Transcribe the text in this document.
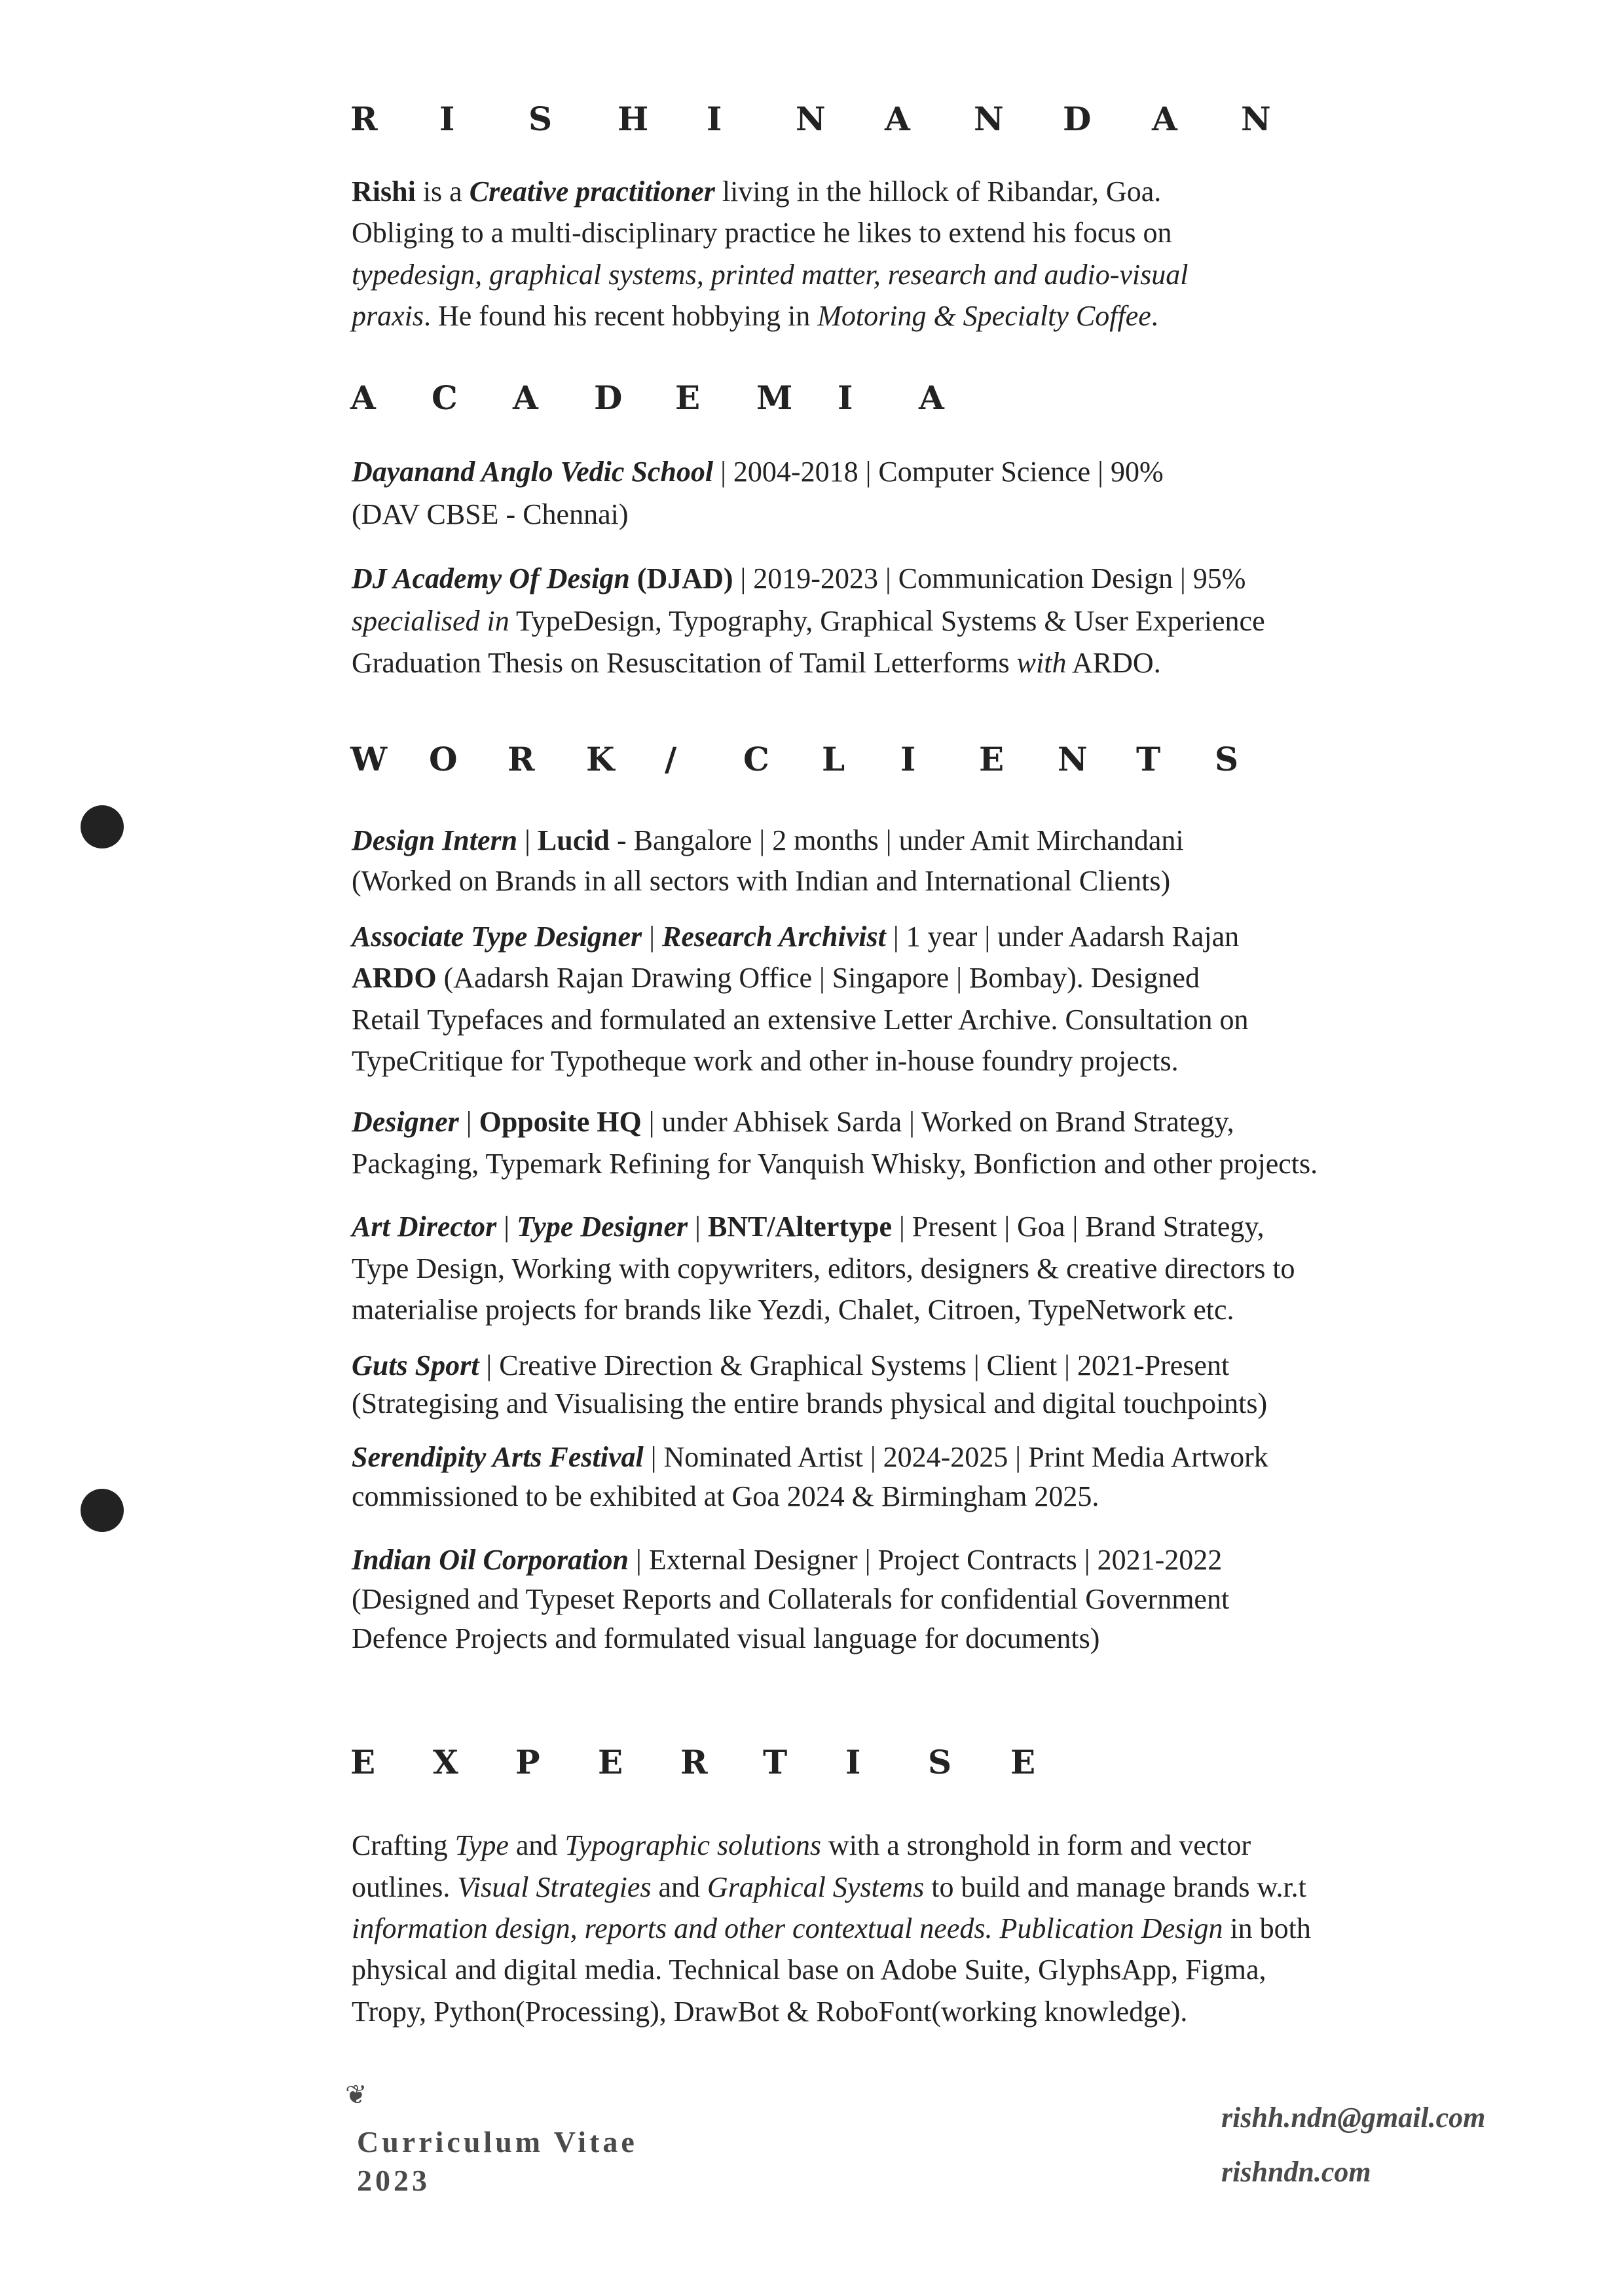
R I S H I N A N D A N
Rishi is a Creative practitioner living in the hillock of Ribandar, Goa.
Obliging to a multi-disciplinary practice he likes to extend his focus on
typedesign, graphical systems, printed matter, research and audio-visual
praxis. He found his recent hobbying in Motoring & Specialty Coffee.
A C A D E M I A
Dayanand Anglo Vedic School | 2004-2018 | Computer Science | 90%
(DAV CBSE - Chennai)
DJ Academy Of Design (DJAD) | 2019-2023 | Communication Design | 95%
specialised in TypeDesign, Typography, Graphical Systems & User Experience
Graduation Thesis on Resuscitation of Tamil Letterforms with ARDO.
W O R K / C L I E N T S
Design Intern | Lucid - Bangalore | 2 months | under Amit Mirchandani
(Worked on Brands in all sectors with Indian and International Clients)
Associate Type Designer | Research Archivist | 1 year | under Aadarsh Rajan
ARDO (Aadarsh Rajan Drawing Office | Singapore | Bombay). Designed
Retail Typefaces and formulated an extensive Letter Archive. Consultation on
TypeCritique for Typotheque work and other in-house foundry projects.
Designer | Opposite HQ | under Abhisek Sarda | Worked on Brand Strategy,
Packaging, Typemark Refining for Vanquish Whisky, Bonfiction and other projects.
Art Director | Type Designer | BNT/Altertype | Present | Goa | Brand Strategy,
Type Design, Working with copywriters, editors, designers & creative directors to
materialise projects for brands like Yezdi, Chalet, Citroen, TypeNetwork etc.
Guts Sport | Creative Direction & Graphical Systems | Client | 2021-Present
(Strategising and Visualising the entire brands physical and digital touchpoints)
Serendipity Arts Festival | Nominated Artist | 2024-2025 | Print Media Artwork
commissioned to be exhibited at Goa 2024 & Birmingham 2025.
Indian Oil Corporation | External Designer | Project Contracts | 2021-2022
(Designed and Typeset Reports and Collaterals for confidential Government
Defence Projects and formulated visual language for documents)
E X P E R T I S E
Crafting Type and Typographic solutions with a stronghold in form and vector
outlines. Visual Strategies and Graphical Systems to build and manage brands w.r.t
information design, reports and other contextual needs. Publication Design in both
physical and digital media. Technical base on Adobe Suite, GlyphsApp, Figma,
Tropy, Python(Processing), DrawBot & RoboFont(working knowledge).
❦
Curriculum Vitae
2023
rishh.ndn@gmail.com
rishndn.com
